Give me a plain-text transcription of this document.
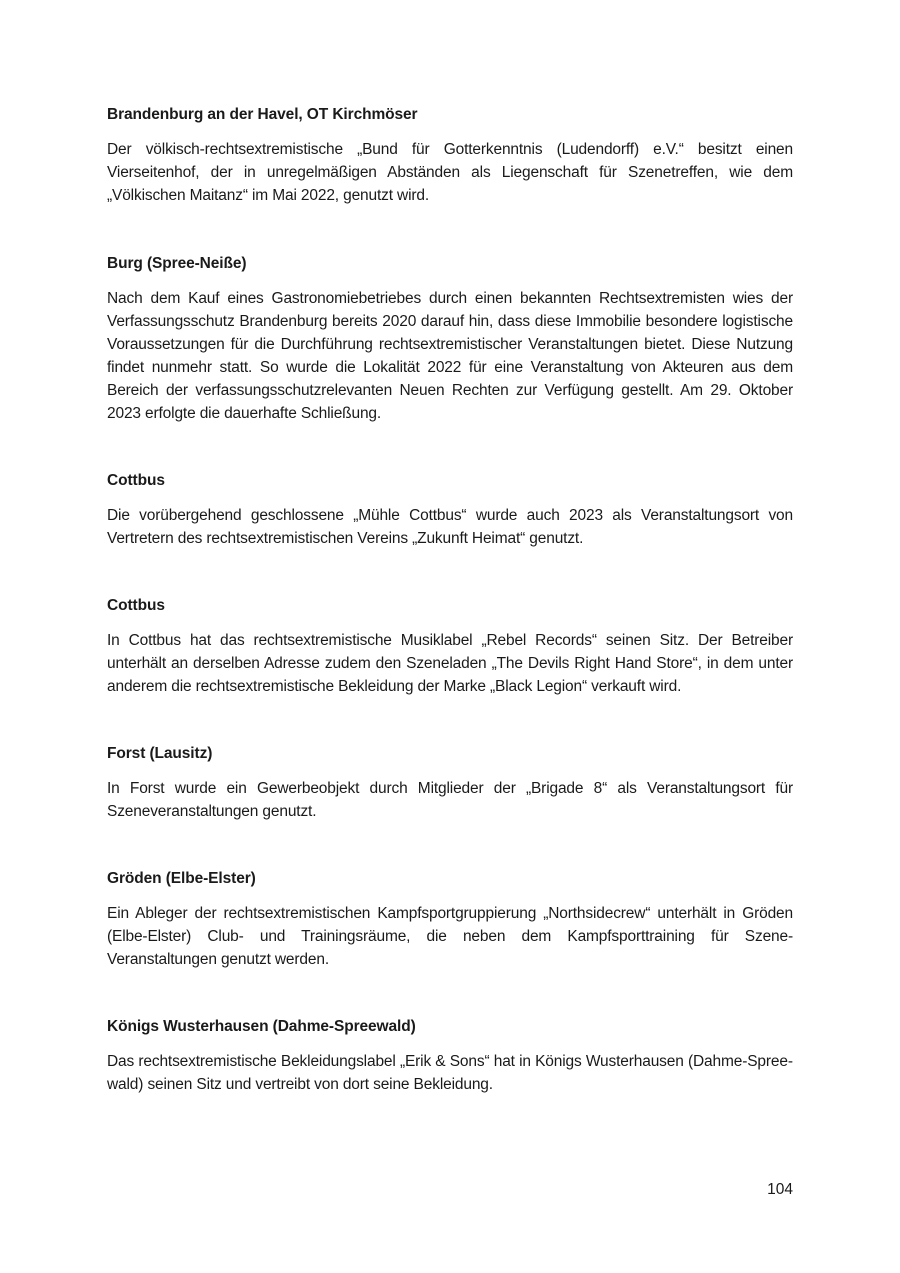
Brandenburg an der Havel, OT Kirchmöser

Der völkisch-rechtsextremistische „Bund für Gotterkenntnis (Ludendorff) e.V.“ besitzt einen Vierseitenhof, der in unregelmäßigen Abständen als Liegenschaft für Szenetreffen, wie dem „Völkischen Maitanz“ im Mai 2022, genutzt wird.

Burg (Spree-Neiße)

Nach dem Kauf eines Gastronomiebetriebes durch einen bekannten Rechtsextremisten wies der Verfassungsschutz Brandenburg bereits 2020 darauf hin, dass diese Immobilie besondere logistische Voraussetzungen für die Durchführung rechtsextremistischer Veranstaltungen bietet. Diese Nutzung findet nunmehr statt. So wurde die Lokalität 2022 für eine Veranstaltung von Akteuren aus dem Bereich der verfassungsschutzrelevanten Neuen Rechten zur Verfügung gestellt. Am 29. Oktober 2023 erfolgte die dauerhafte Schließung.

Cottbus

Die vorübergehend geschlossene „Mühle Cottbus“ wurde auch 2023 als Veranstaltungsort von Vertretern des rechtsextremistischen Vereins „Zukunft Heimat“ genutzt.

Cottbus

In Cottbus hat das rechtsextremistische Musiklabel „Rebel Records“ seinen Sitz. Der Betreiber unterhält an derselben Adresse zudem den Szeneladen „The Devils Right Hand Store“, in dem unter anderem die rechtsextremistische Bekleidung der Marke „Black Legion“ verkauft wird.

Forst (Lausitz)

In Forst wurde ein Gewerbeobjekt durch Mitglieder der „Brigade 8“ als Veranstaltungsort für Szeneveranstaltungen genutzt.

Gröden (Elbe-Elster)

Ein Ableger der rechtsextremistischen Kampfsportgruppierung „Northsidecrew“ unterhält in Gröden (Elbe-Elster) Club- und Trainingsräume, die neben dem Kampfsporttraining für Szene-Veranstaltungen genutzt werden.

Königs Wusterhausen (Dahme-Spreewald)

Das rechtsextremistische Bekleidungslabel „Erik & Sons“ hat in Königs Wusterhausen (Dahme-Spreewald) seinen Sitz und vertreibt von dort seine Bekleidung.

104
